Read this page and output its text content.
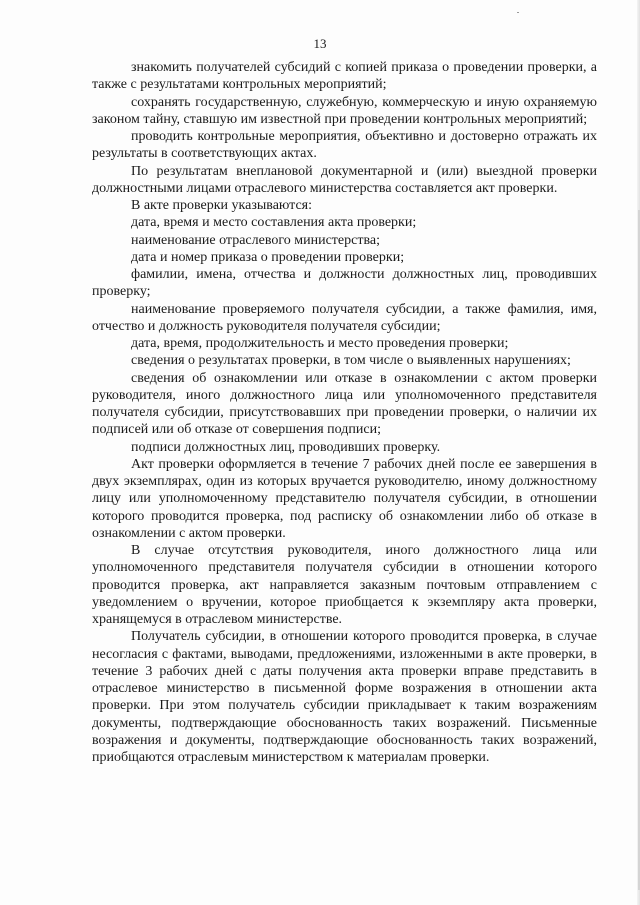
13

знакомить получателей субсидий с копией приказа о проведении проверки, а также с результатами контрольных мероприятий;

сохранять государственную, служебную, коммерческую и иную охраняемую законом тайну, ставшую им известной при проведении контрольных мероприятий;

проводить контрольные мероприятия, объективно и достоверно отражать их результаты в соответствующих актах.

По результатам внеплановой документарной и (или) выездной проверки должностными лицами отраслевого министерства составляется акт проверки.

В акте проверки указываются:

дата, время и место составления акта проверки;

наименование отраслевого министерства;

дата и номер приказа о проведении проверки;

фамилии, имена, отчества и должности должностных лиц, проводивших проверку;

наименование проверяемого получателя субсидии, а также фамилия, имя, отчество и должность руководителя получателя субсидии;

дата, время, продолжительность и место проведения проверки;

сведения о результатах проверки, в том числе о выявленных нарушениях;

сведения об ознакомлении или отказе в ознакомлении с актом проверки руководителя, иного должностного лица или уполномоченного представителя получателя субсидии, присутствовавших при проведении проверки, о наличии их подписей или об отказе от совершения подписи;

подписи должностных лиц, проводивших проверку.

Акт проверки оформляется в течение 7 рабочих дней после ее завершения в двух экземплярах, один из которых вручается руководителю, иному должностному лицу или уполномоченному представителю получателя субсидии, в отношении которого проводится проверка, под расписку об ознакомлении либо об отказе в ознакомлении с актом проверки.

В случае отсутствия руководителя, иного должностного лица или уполномоченного представителя получателя субсидии в отношении которого проводится проверка, акт направляется заказным почтовым отправлением с уведомлением о вручении, которое приобщается к экземпляру акта проверки, хранящемуся в отраслевом министерстве.

Получатель субсидии, в отношении которого проводится проверка, в случае несогласия с фактами, выводами, предложениями, изложенными в акте проверки, в течение 3 рабочих дней с даты получения акта проверки вправе представить в отраслевое министерство в письменной форме возражения в отношении акта проверки. При этом получатель субсидии прикладывает к таким возражениям документы, подтверждающие обоснованность таких возражений. Письменные возражения и документы, подтверждающие обоснованность таких возражений, приобщаются отраслевым министерством к материалам проверки.
